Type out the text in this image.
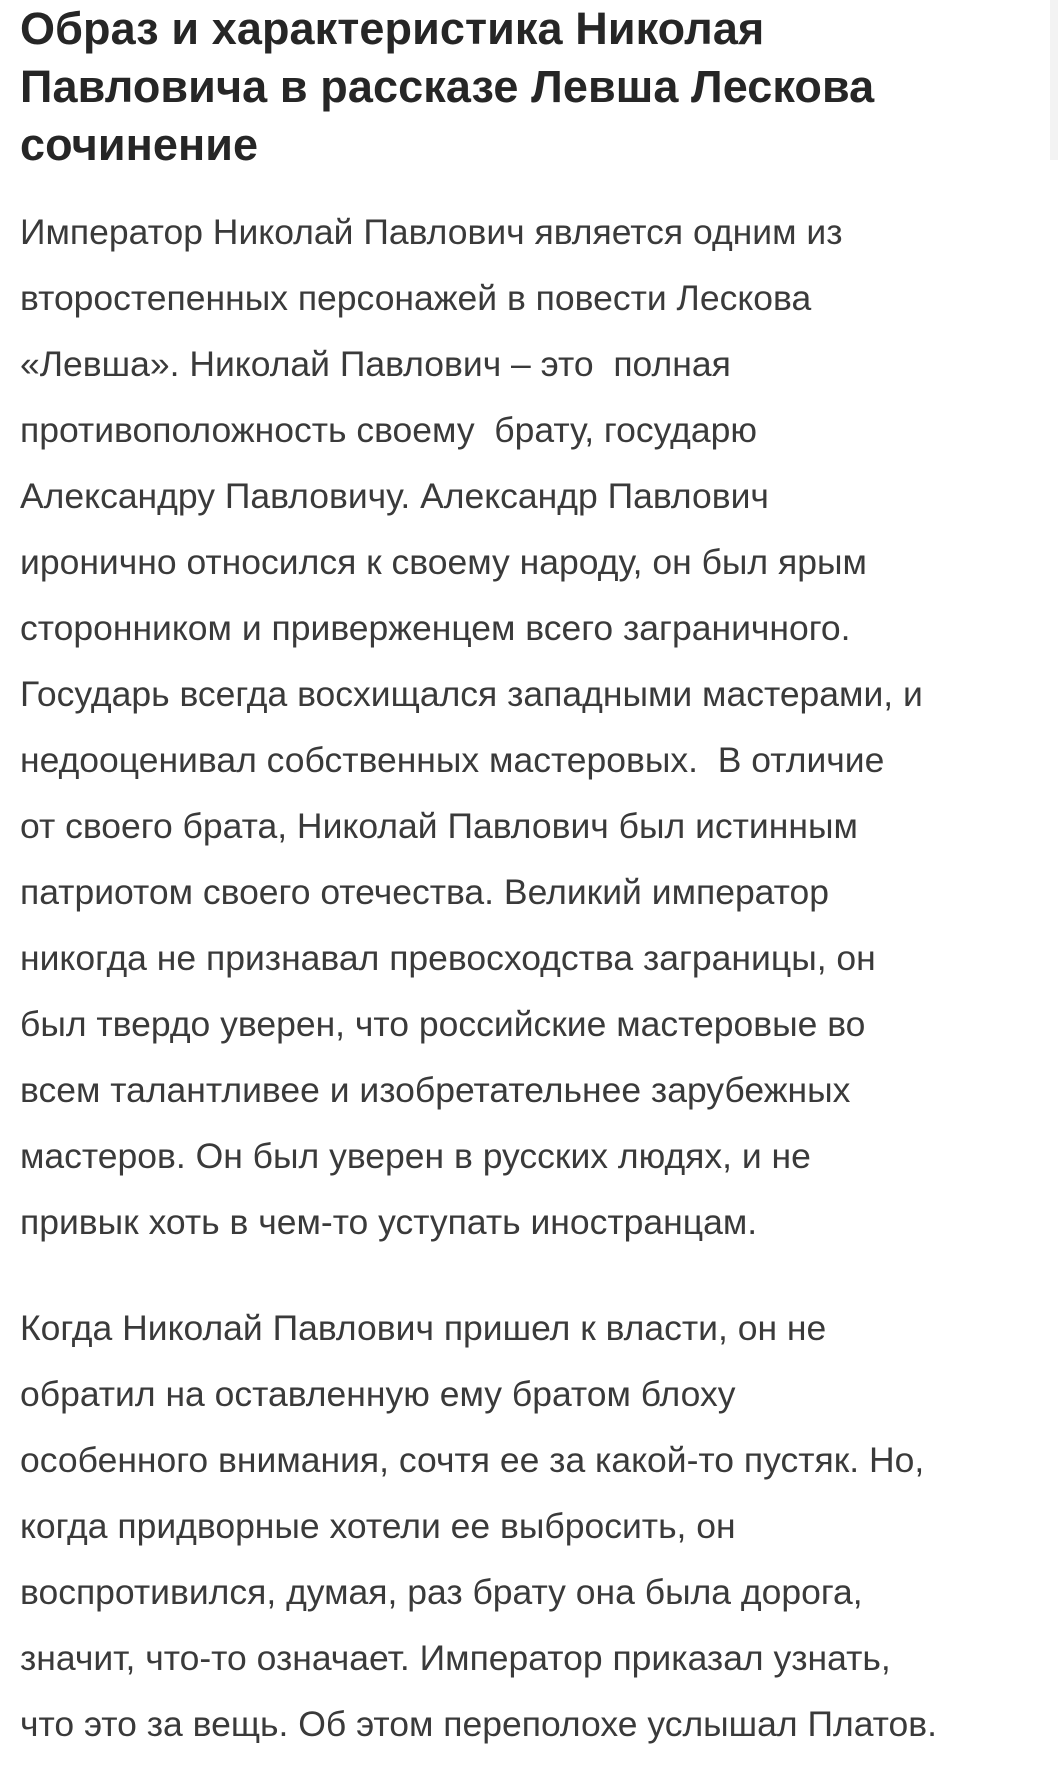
Образ и характеристика Николая
Павловича в рассказе Левша Лескова
сочинение

Император Николай Павлович является одним из
второстепенных персонажей в повести Лескова
«Левша». Николай Павлович – это  полная
противоположность своему  брату, государю
Александру Павловичу. Александр Павлович
иронично относился к своему народу, он был ярым
сторонником и приверженцем всего заграничного.
Государь всегда восхищался западными мастерами, и
недооценивал собственных мастеровых.  В отличие
от своего брата, Николай Павлович был истинным
патриотом своего отечества. Великий император
никогда не признавал превосходства заграницы, он
был твердо уверен, что российские мастеровые во
всем талантливее и изобретательнее зарубежных
мастеров. Он был уверен в русских людях, и не
привык хоть в чем-то уступать иностранцам.

Когда Николай Павлович пришел к власти, он не
обратил на оставленную ему братом блоху
особенного внимания, сочтя ее за какой-то пустяк. Но,
когда придворные хотели ее выбросить, он
воспротивился, думая, раз брату она была дорога,
значит, что-то означает. Император приказал узнать,
что это за вещь. Об этом переполохе услышал Платов.
